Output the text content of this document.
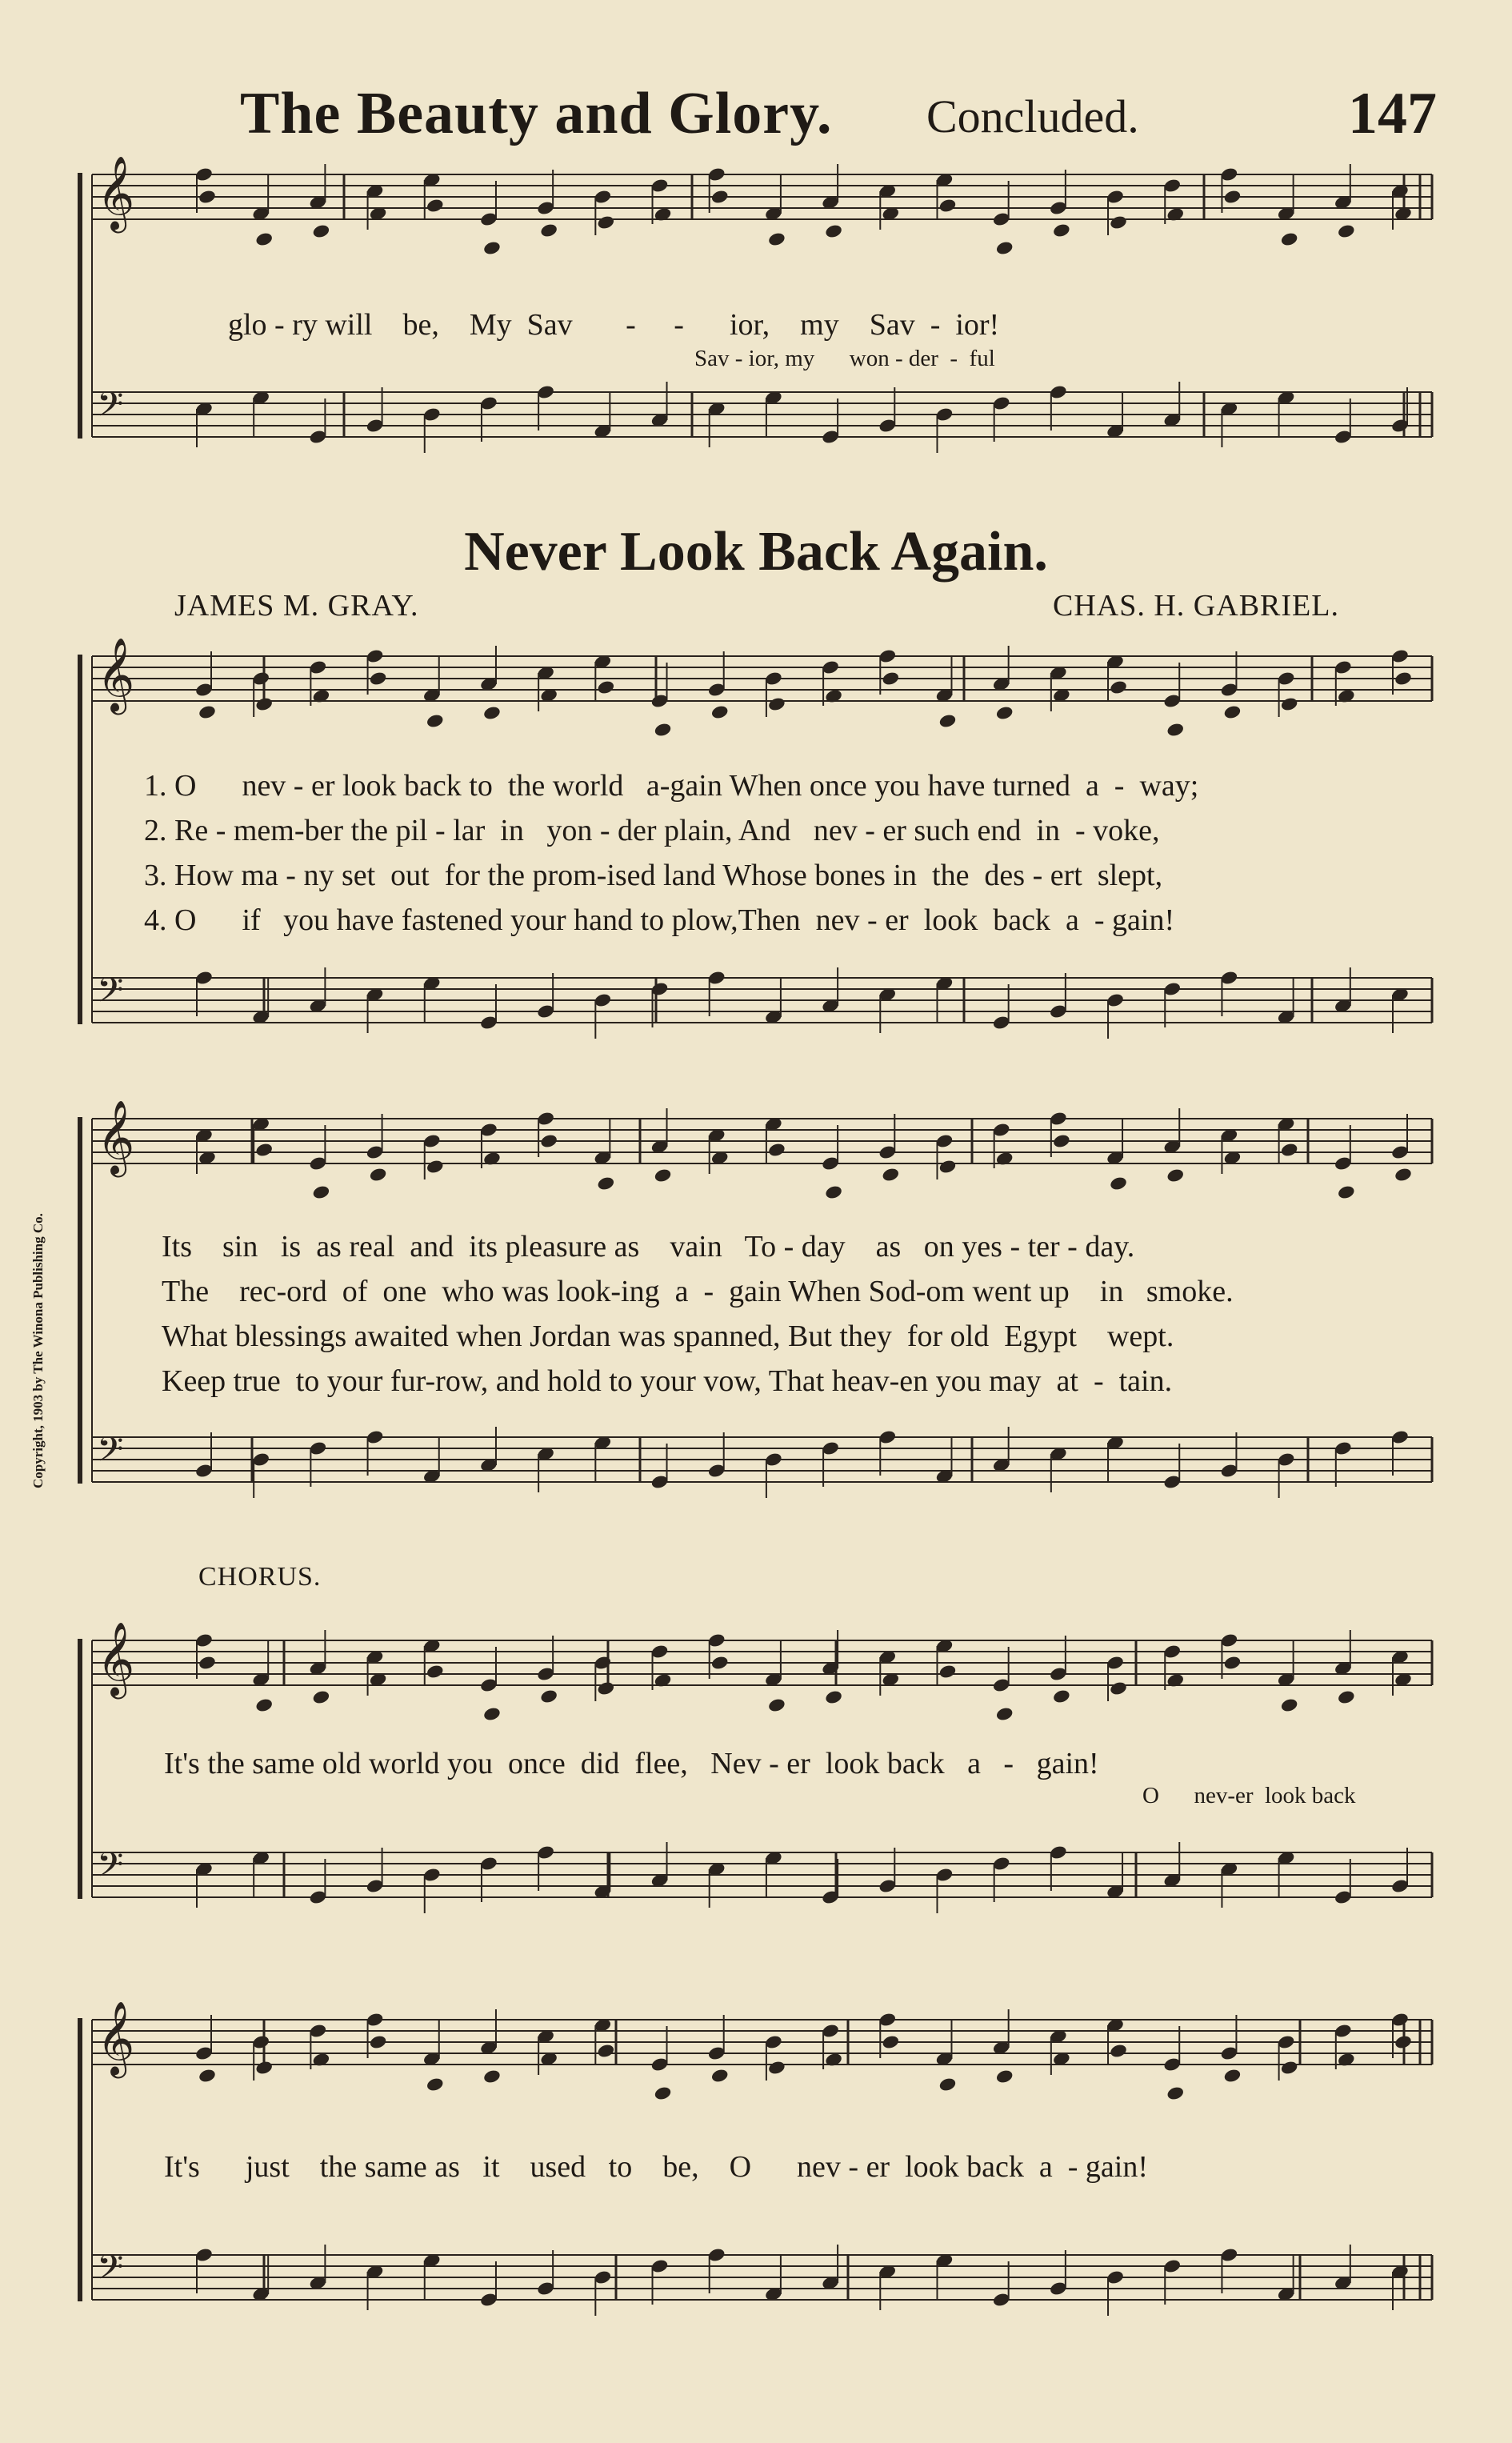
The Beauty and Glory. Concluded.	147
𝄞
𝄢
𝄞
𝄢
𝄞
𝄢
𝄞
𝄢
𝄞
𝄢
glo - ry will    be,    My  Sav       -     -      ior,    my    Sav  -  ior!
Sav - ior, my      won - der  -  ful
Never Look Back Again.
JAMES M. GRAY.	CHAS. H. GABRIEL.
1. O      nev - er look back to  the world   a-gain When once you have turned  a  -  way;
2. Re - mem-ber the pil - lar  in   yon - der plain, And   nev - er such end  in  - voke,
3. How ma - ny set  out  for the prom-ised land Whose bones in  the  des - ert  slept,
4. O      if   you have fastened your hand to plow,Then  nev - er  look  back  a  - gain!
Its    sin   is  as real  and  its pleasure as    vain   To - day    as   on yes - ter - day.
The    rec-ord  of  one  who was look-ing  a  -  gain When Sod-om went up    in   smoke.
What blessings awaited when Jordan was spanned, But they  for old  Egypt    wept.
Keep true  to your fur-row, and hold to your vow, That heav-en you may  at  -  tain.
CHORUS.
It's the same old world you  once  did  flee,   Nev - er  look back   a   -   gain!
O      nev-er  look back
It's      just    the same as   it    used   to    be,    O      nev - er  look back  a  - gain!
Copyright, 1903 by The Winona Publishing Co.
